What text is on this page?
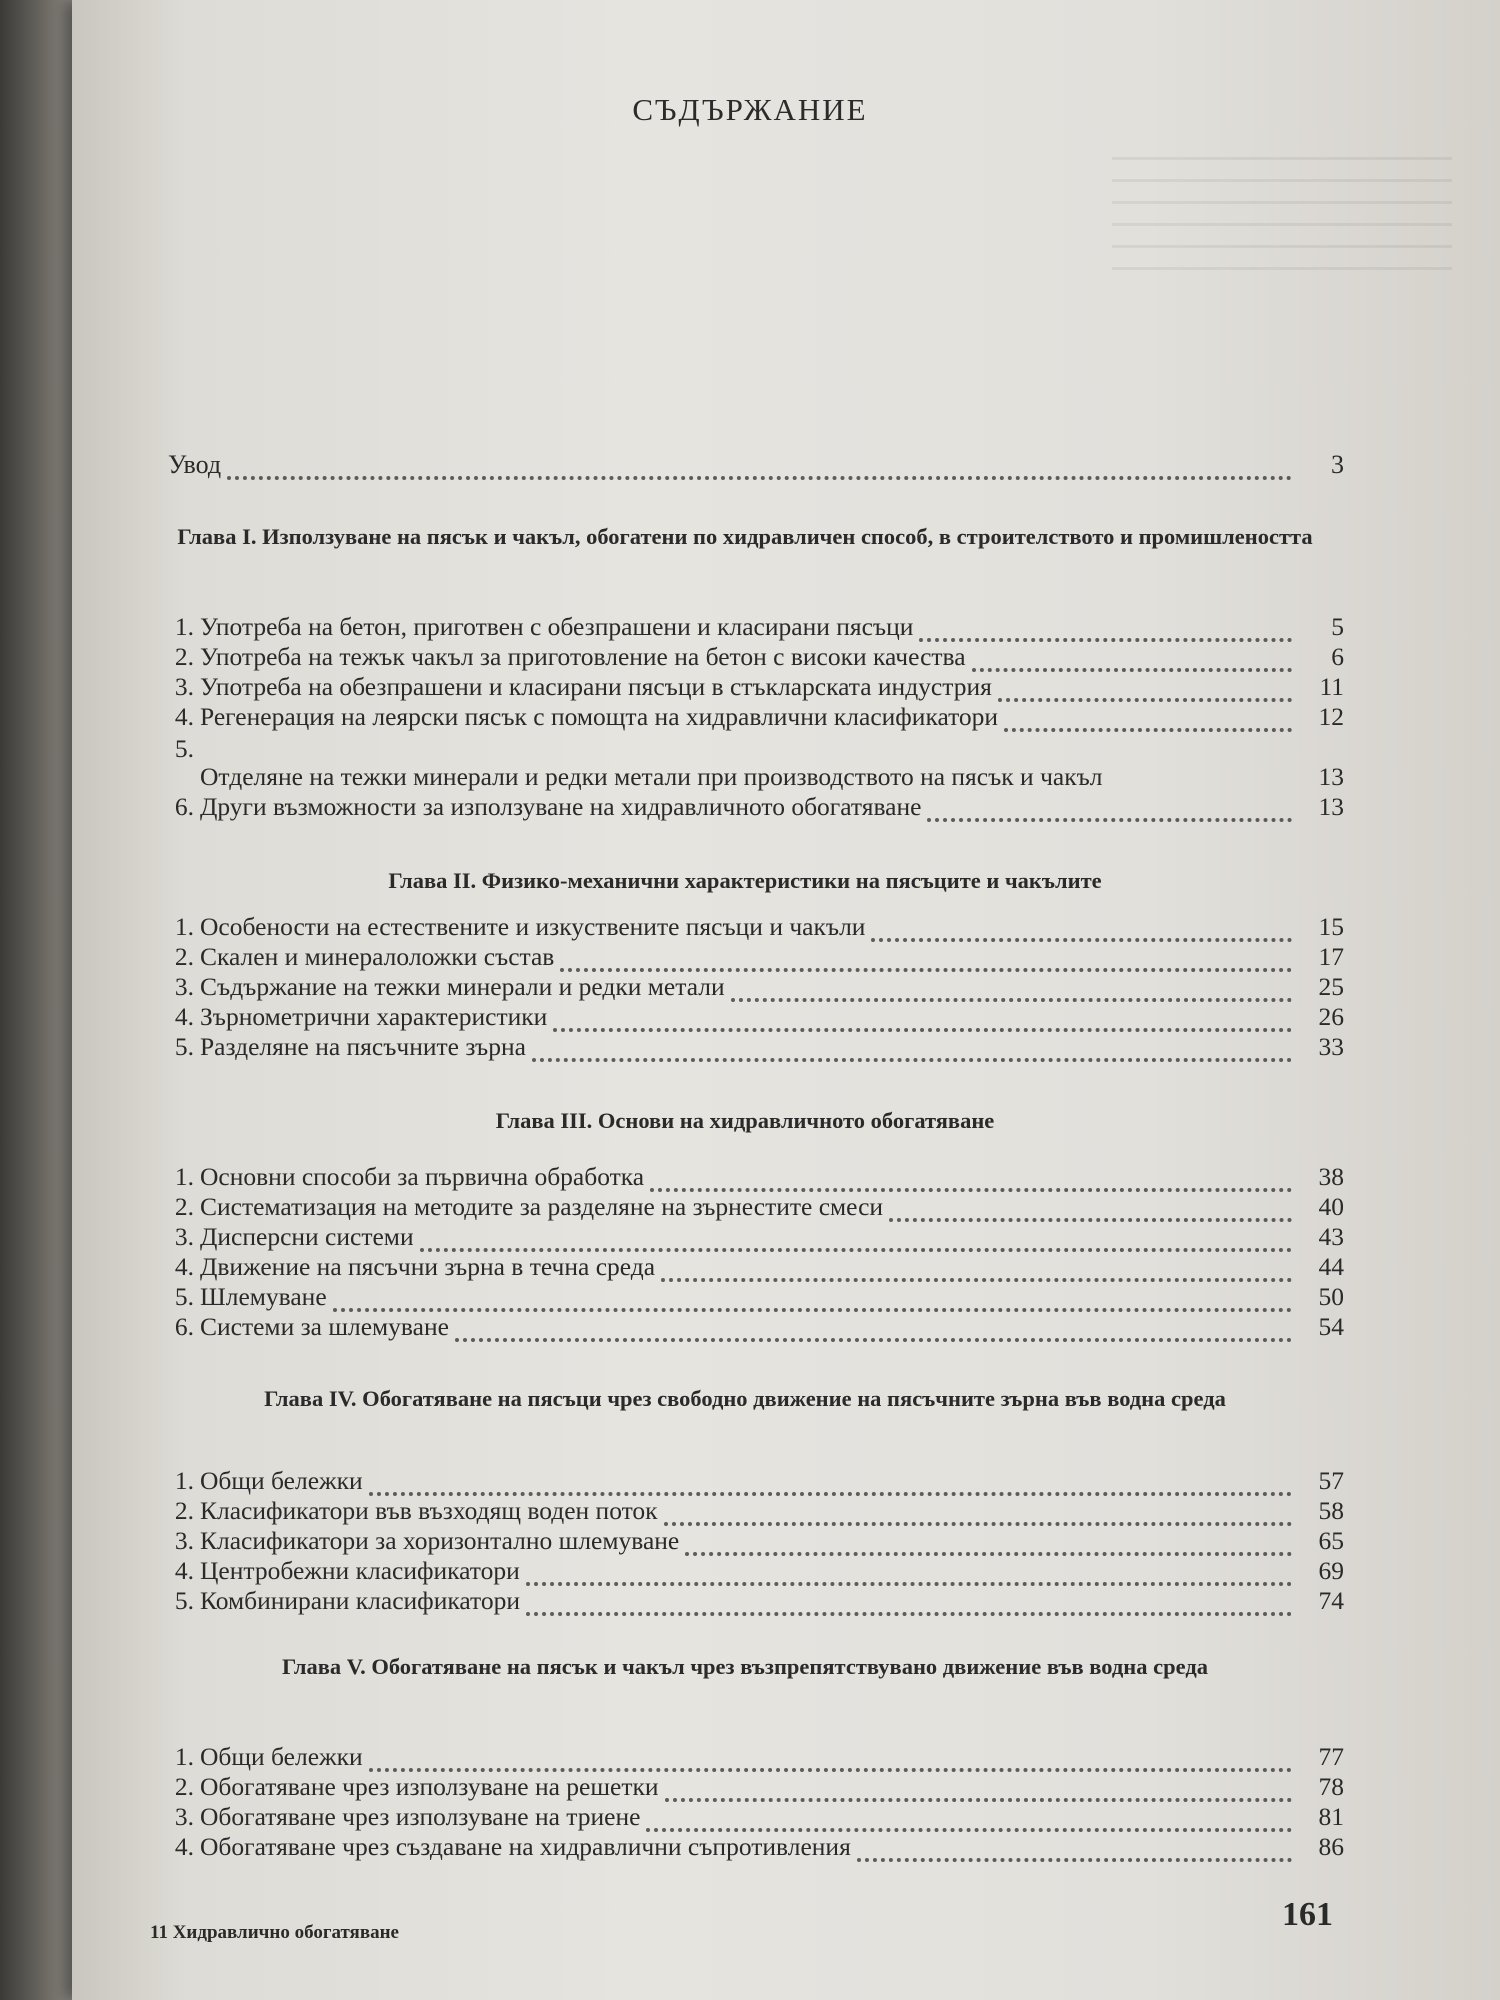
СЪДЪРЖАНИЕ
Увод	3
Глава I. Използуване на пясък и чакъл, обогатени по хидравличен способ, в строителството и промишлеността
1. Употреба на бетон, приготвен с обезпрашени и класирани пясъци	5
2. Употреба на тежък чакъл за приготовление на бетон с високи качества	6
3. Употреба на обезпрашени и класирани пясъци в стъкларската индустрия	11
4. Регенерация на леярски пясък с помощта на хидравлични класификатори	12
5.
Отделяне на тежки минерали и редки метали при производството на пясък и чакъл	13
6. Други възможности за използуване на хидравличното обогатяване	13
Глава II. Физико-механични характеристики на пясъците и чакълите
1. Особености на естествените и изкуствените пясъци и чакъли	15
2. Скален и минералоложки състав	17
3. Съдържание на тежки минерали и редки метали	25
4. Зърнометрични характеристики	26
5. Разделяне на пясъчните зърна	33
Глава III. Основи на хидравличното обогатяване
1. Основни способи за първична обработка	38
2. Систематизация на методите за разделяне на зърнестите смеси	40
3. Дисперсни системи	43
4. Движение на пясъчни зърна в течна среда	44
5. Шлемуване	50
6. Системи за шлемуване	54
Глава IV. Обогатяване на пясъци чрез свободно движение на пясъчните зърна във водна среда
1. Общи бележки	57
2. Класификатори във възходящ воден поток	58
3. Класификатори за хоризонтално шлемуване	65
4. Центробежни класификатори	69
5. Комбинирани класификатори	74
Глава V. Обогатяване на пясък и чакъл чрез възпрепятствувано движение във водна среда
1. Общи бележки	77
2. Обогатяване чрез използуване на решетки	78
3. Обогатяване чрез използуване на триене	81
4. Обогатяване чрез създаване на хидравлични съпротивления	86
11 Хидравлично обогатяване	161
